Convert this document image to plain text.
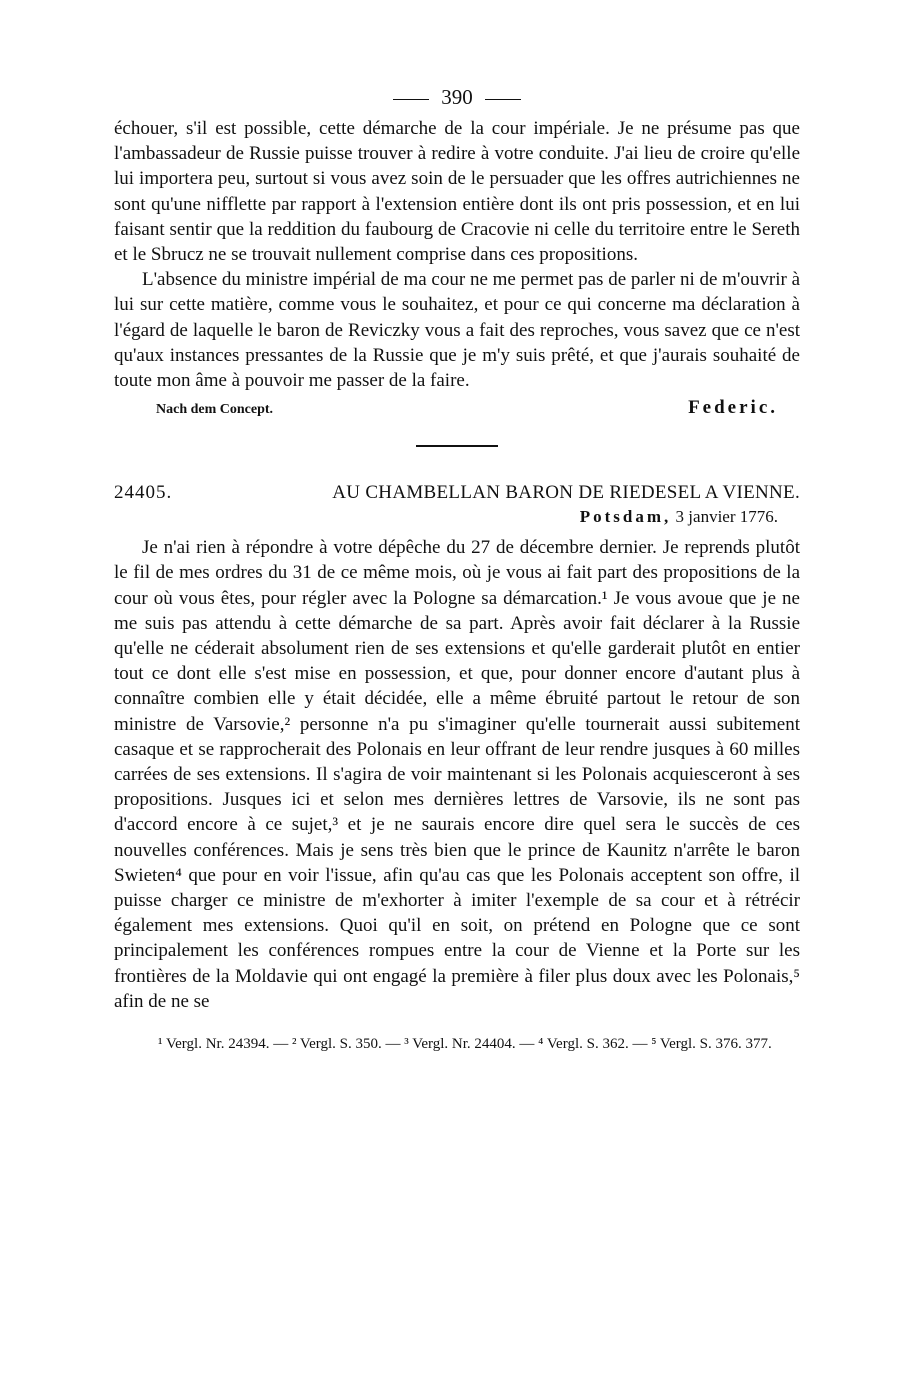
390

échouer, s'il est possible, cette démarche de la cour impériale. Je ne présume pas que l'ambassadeur de Russie puisse trouver à redire à votre conduite. J'ai lieu de croire qu'elle lui importera peu, surtout si vous avez soin de le persuader que les offres autrichiennes ne sont qu'une nifflette par rapport à l'extension entière dont ils ont pris possession, et en lui faisant sentir que la reddition du faubourg de Cracovie ni celle du territoire entre le Sereth et le Sbrucz ne se trouvait nullement comprise dans ces propositions.

L'absence du ministre impérial de ma cour ne me permet pas de parler ni de m'ouvrir à lui sur cette matière, comme vous le souhaitez, et pour ce qui concerne ma déclaration à l'égard de laquelle le baron de Reviczky vous a fait des reproches, vous savez que ce n'est qu'aux instances pressantes de la Russie que je m'y suis prêté, et que j'aurais souhaité de toute mon âme à pouvoir me passer de la faire.

Nach dem Concept.	Federic.
24405.	AU CHAMBELLAN BARON DE RIEDESEL A VIENNE.
Potsdam, 3 janvier 1776.

Je n'ai rien à répondre à votre dépêche du 27 de décembre dernier. Je reprends plutôt le fil de mes ordres du 31 de ce même mois, où je vous ai fait part des propositions de la cour où vous êtes, pour régler avec la Pologne sa démarcation.¹ Je vous avoue que je ne me suis pas attendu à cette démarche de sa part. Après avoir fait déclarer à la Russie qu'elle ne céderait absolument rien de ses extensions et qu'elle garderait plutôt en entier tout ce dont elle s'est mise en possession, et que, pour donner encore d'autant plus à connaître combien elle y était décidée, elle a même ébruité partout le retour de son ministre de Varsovie,² personne n'a pu s'imaginer qu'elle tournerait aussi subitement casaque et se rapprocherait des Polonais en leur offrant de leur rendre jusques à 60 milles carrées de ses extensions. Il s'agira de voir maintenant si les Polonais acquiesceront à ses propositions. Jusques ici et selon mes dernières lettres de Varsovie, ils ne sont pas d'accord encore à ce sujet,³ et je ne saurais encore dire quel sera le succès de ces nouvelles conférences. Mais je sens très bien que le prince de Kaunitz n'arrête le baron Swieten⁴ que pour en voir l'issue, afin qu'au cas que les Polonais acceptent son offre, il puisse charger ce ministre de m'exhorter à imiter l'exemple de sa cour et à rétrécir également mes extensions. Quoi qu'il en soit, on prétend en Pologne que ce sont principalement les conférences rompues entre la cour de Vienne et la Porte sur les frontières de la Moldavie qui ont engagé la première à filer plus doux avec les Polonais,⁵ afin de ne se

¹ Vergl. Nr. 24394. — ² Vergl. S. 350. — ³ Vergl. Nr. 24404. — ⁴ Vergl. S. 362. — ⁵ Vergl. S. 376. 377.
